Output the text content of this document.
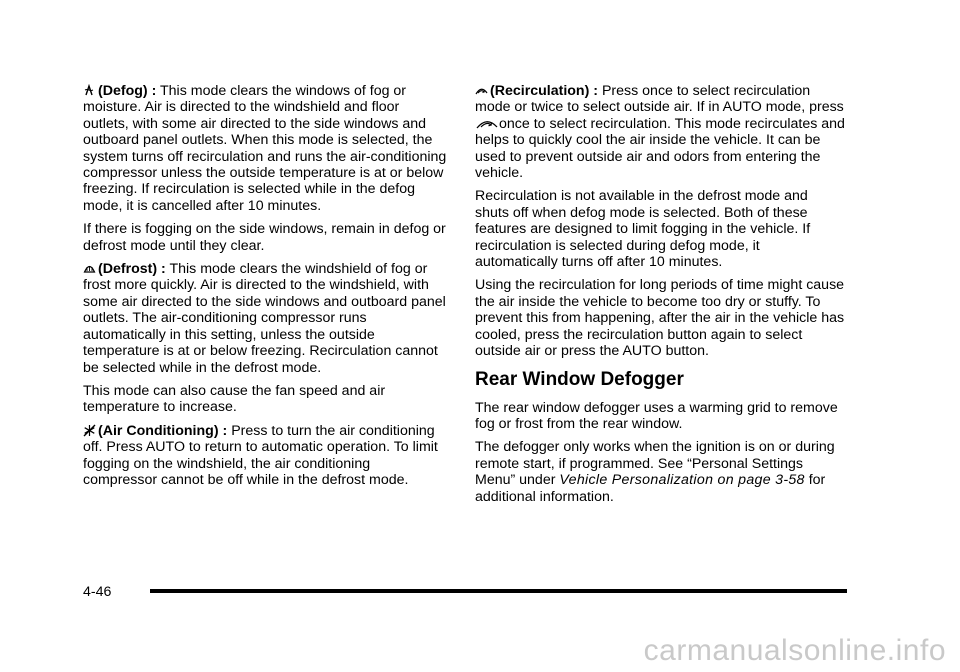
(Defog) : This mode clears the windows of fog or moisture. Air is directed to the windshield and floor outlets, with some air directed to the side windows and outboard panel outlets. When this mode is selected, the system turns off recirculation and runs the air-conditioning compressor unless the outside temperature is at or below freezing. If recirculation is selected while in the defog mode, it is cancelled after 10 minutes.

If there is fogging on the side windows, remain in defog or defrost mode until they clear.

(Defrost) : This mode clears the windshield of fog or frost more quickly. Air is directed to the windshield, with some air directed to the side windows and outboard panel outlets. The air-conditioning compressor runs automatically in this setting, unless the outside temperature is at or below freezing. Recirculation cannot be selected while in the defrost mode.

This mode can also cause the fan speed and air temperature to increase.

(Air Conditioning) : Press to turn the air conditioning off. Press AUTO to return to automatic operation. To limit fogging on the windshield, the air conditioning compressor cannot be off while in the defrost mode.

(Recirculation) : Press once to select recirculation mode or twice to select outside air. If in AUTO mode, press
once to select recirculation. This mode recirculates and helps to quickly cool the air inside the vehicle. It can be used to prevent outside air and odors from entering the vehicle.

Recirculation is not available in the defrost mode and shuts off when defog mode is selected. Both of these features are designed to limit fogging in the vehicle. If recirculation is selected during defog mode, it automatically turns off after 10 minutes.

Using the recirculation for long periods of time might cause the air inside the vehicle to become too dry or stuffy. To prevent this from happening, after the air in the vehicle has cooled, press the recirculation button again to select outside air or press the AUTO button.

Rear Window Defogger

The rear window defogger uses a warming grid to remove fog or frost from the rear window.

The defogger only works when the ignition is on or during remote start, if programmed. See “Personal Settings Menu” under Vehicle Personalization on page 3-58 for additional information.

4-46
carmanualsonline.info
